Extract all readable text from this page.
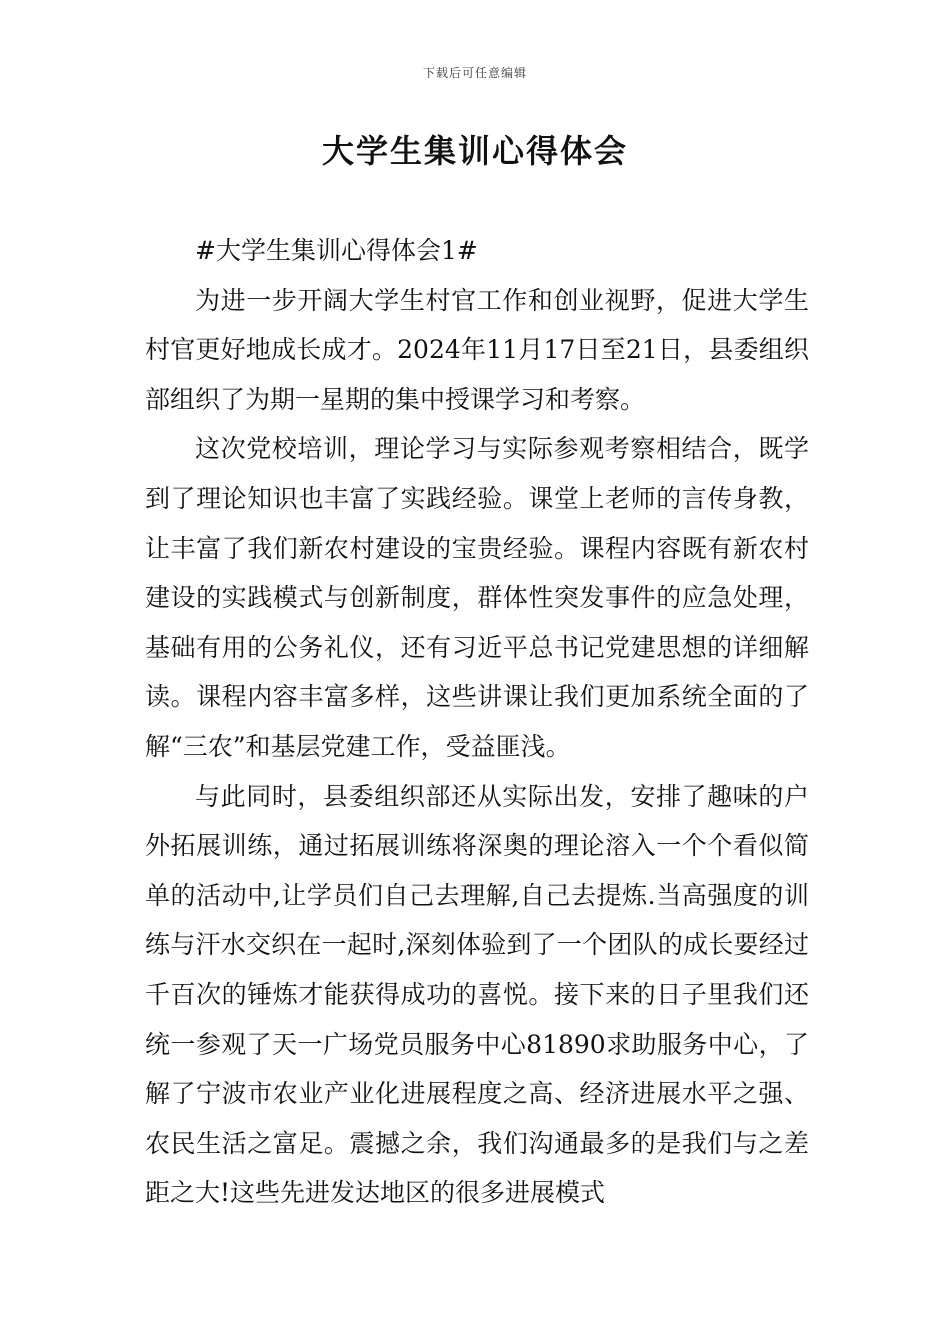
下载后可任意编辑
大学生集训心得体会

#大学生集训心得体会1#

为进一步开阔大学生村官工作和创业视野，促进大学生村官更好地成长成才。2024年11月17日至21日，县委组织部组织了为期一星期的集中授课学习和考察。

这次党校培训，理论学习与实际参观考察相结合，既学到了理论知识也丰富了实践经验。课堂上老师的言传身教，让丰富了我们新农村建设的宝贵经验。课程内容既有新农村建设的实践模式与创新制度，群体性突发事件的应急处理，基础有用的公务礼仪，还有习近平总书记党建思想的详细解读。课程内容丰富多样，这些讲课让我们更加系统全面的了解“三农”和基层党建工作，受益匪浅。

与此同时，县委组织部还从实际出发，安排了趣味的户外拓展训练，通过拓展训练将深奥的理论溶入一个个看似简单的活动中,让学员们自己去理解,自己去提炼.当高强度的训练与汗水交织在一起时,深刻体验到了一个团队的成长要经过千百次的锤炼才能获得成功的喜悦。接下来的日子里我们还统一参观了天一广场党员服务中心81890求助服务中心，了解了宁波市农业产业化进展程度之高、经济进展水平之强、农民生活之富足。震撼之余，我们沟通最多的是我们与之差距之大!这些先进发达地区的很多进展模式
